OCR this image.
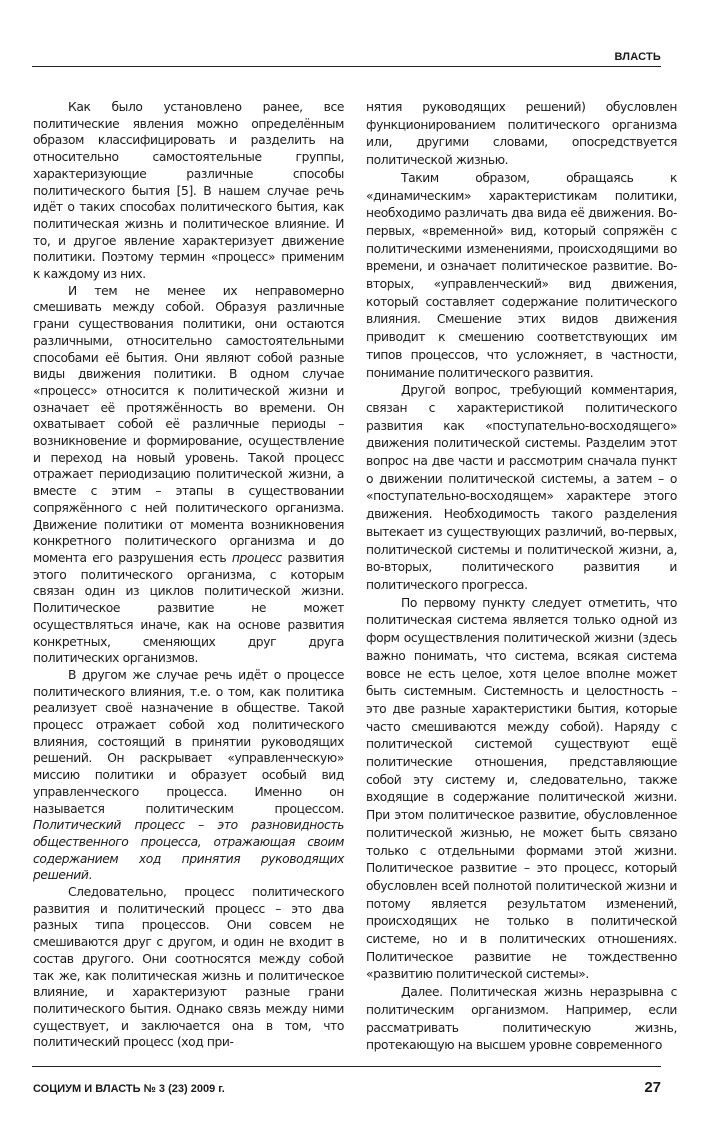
ВЛАСТЬ

Как было установлено ранее, все политические явления можно определённым образом классифицировать и разделить на относительно самостоятельные группы, характеризующие различные способы политического бытия [5]. В нашем случае речь идёт о таких способах политического бытия, как политическая жизнь и политическое влияние. И то, и другое явление характеризует движение политики. Поэтому термин «процесс» применим к каждому из них.

И тем не менее их неправомерно смешивать между собой. Образуя различные грани существования политики, они остаются различными, относительно самостоятельными способами её бытия. Они являют собой разные виды движения политики. В одном случае «процесс» относится к политической жизни и означает её протяжённость во времени. Он охватывает собой её различные периоды – возникновение и формирование, осуществление и переход на новый уровень. Такой процесс отражает периодизацию политической жизни, а вместе с этим – этапы в существовании сопряжённого с ней политического организма. Движение политики от момента возникновения конкретного политического организма и до момента его разрушения есть процесс развития этого политического организма, с которым связан один из циклов политической жизни. Политическое развитие не может осуществляться иначе, как на основе развития конкретных, сменяющих друг друга политических организмов.

В другом же случае речь идёт о процессе политического влияния, т.е. о том, как политика реализует своё назначение в обществе. Такой процесс отражает собой ход политического влияния, состоящий в принятии руководящих решений. Он раскрывает «управленческую» миссию политики и образует особый вид управленческого процесса. Именно он называется политическим процессом. Политический процесс – это разновидность общественного процесса, отражающая своим содержанием ход принятия руководящих решений.

Следовательно, процесс политического развития и политический процесс – это два разных типа процессов. Они совсем не смешиваются друг с другом, и один не входит в состав другого. Они соотносятся между собой так же, как политическая жизнь и политическое влияние, и характеризуют разные грани политического бытия. Однако связь между ними существует, и заключается она в том, что политический процесс (ход при-

нятия руководящих решений) обусловлен функционированием политического организма или, другими словами, опосредствуется политической жизнью.

Таким образом, обращаясь к «динамическим» характеристикам политики, необходимо различать два вида её движения. Во-первых, «временной» вид, который сопряжён с политическими изменениями, происходящими во времени, и означает политическое развитие. Во-вторых, «управленческий» вид движения, который составляет содержание политического влияния. Смешение этих видов движения приводит к смешению соответствующих им типов процессов, что усложняет, в частности, понимание политического развития.

Другой вопрос, требующий комментария, связан с характеристикой политического развития как «поступательно-восходящего» движения политической системы. Разделим этот вопрос на две части и рассмотрим сначала пункт о движении политической системы, а затем – о «поступательно-восходящем» характере этого движения. Необходимость такого разделения вытекает из существующих различий, во-первых, политической системы и политической жизни, а, во-вторых, политического развития и политического прогресса.

По первому пункту следует отметить, что политическая система является только одной из форм осуществления политической жизни (здесь важно понимать, что система, всякая система вовсе не есть целое, хотя целое вполне может быть системным. Системность и целостность – это две разные характеристики бытия, которые часто смешиваются между собой). Наряду с политической системой существуют ещё политические отношения, представляющие собой эту систему и, следовательно, также входящие в содержание политической жизни. При этом политическое развитие, обусловленное политической жизнью, не может быть связано только с отдельными формами этой жизни. Политическое развитие – это процесс, который обусловлен всей полнотой политической жизни и потому является результатом изменений, происходящих не только в политической системе, но и в политических отношениях. Политическое развитие не тождественно «развитию политической системы».

Далее. Политическая жизнь неразрывна с политическим организмом. Например, если рассматривать политическую жизнь, протекающую на высшем уровне современного

СОЦИУМ И ВЛАСТЬ № 3 (23) 2009 г.	27
